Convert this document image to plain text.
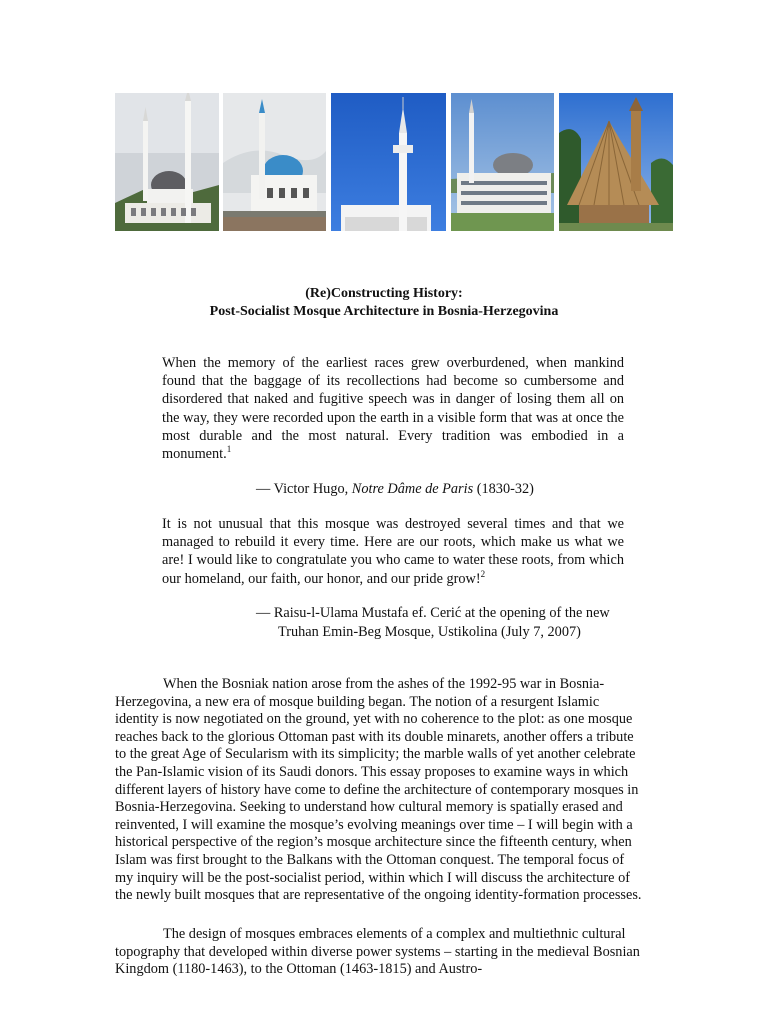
(Re)Constructing History:
Post-Socialist Mosque Architecture in Bosnia-Herzegovina
When the memory of the earliest races grew overburdened, when mankind found that the baggage of its recollections had become so cumbersome and disordered that naked and fugitive speech was in danger of losing them all on the way, they were recorded upon the earth in a visible form that was at once the most durable and the most natural. Every tradition was embodied in a monument.$^1$
— Victor Hugo, Notre Dâme de Paris (1830-32)
It is not unusual that this mosque was destroyed several times and that we managed to rebuild it every time. Here are our roots, which make us what we are! I would like to congratulate you who came to water these roots, from which our homeland, our faith, our honor, and our pride grow!$^2$
— Raisu-l-Ulama Mustafa ef. Cerić at the opening of the new
Truhan Emin-Beg Mosque, Ustikolina (July 7, 2007)
When the Bosniak nation arose from the ashes of the 1992-95 war in Bosnia-Herzegovina, a new era of mosque building began. The notion of a resurgent Islamic identity is now negotiated on the ground, yet with no coherence to the plot: as one mosque reaches back to the glorious Ottoman past with its double minarets, another offers a tribute to the great Age of Secularism with its simplicity; the marble walls of yet another celebrate the Pan-Islamic vision of its Saudi donors. This essay proposes to examine ways in which different layers of history have come to define the architecture of contemporary mosques in Bosnia-Herzegovina. Seeking to understand how cultural memory is spatially erased and reinvented, I will examine the mosque’s evolving meanings over time – I will begin with a historical perspective of the region’s mosque architecture since the fifteenth century, when Islam was first brought to the Balkans with the Ottoman conquest. The temporal focus of my inquiry will be the post-socialist period, within which I will discuss the architecture of the newly built mosques that are representative of the ongoing identity-formation processes.
The design of mosques embraces elements of a complex and multiethnic cultural topography that developed within diverse power systems – starting in the medieval Bosnian Kingdom (1180-1463), to the Ottoman (1463-1815) and Austro-
